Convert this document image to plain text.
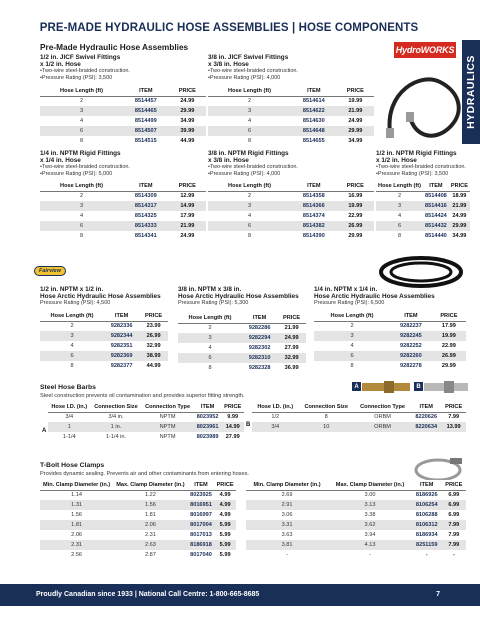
PRE-MADE HYDRAULIC HOSE ASSEMBLIES | HOSE COMPONENTS
HYDRAULICS
Pre-Made Hydraulic Hose Assemblies	HydroWORKS
1/2 in. JICF Swivel Fittings
x 1/2 in. Hose
•Two-wire steel-braided construction.
•Pressure Rating (PSI): 3,500
Hose Length (ft)	ITEM	PRICE
2	8514457	24.99
3	8514465	29.99
4	8514499	34.99
6	8514507	39.99
8	8514515	44.99
3/8 in. JICF Swivel Fittings
x 3/8 in. Hose
•Two-wire steel-braided construction.
•Pressure Rating (PSI): 4,000
Hose Length (ft)	ITEM	PRICE
2	8514614	19.99
3	8514622	21.99
4	8514630	24.99
6	8514648	29.99
8	8514655	34.99
1/4 in. NPTM Rigid Fittings
x 1/4 in. Hose
•Two-wire steel-braided construction.
•Pressure Rating (PSI): 5,000
Hose Length (ft)	ITEM	PRICE
2	8514309	12.99
3	8514317	14.99
4	8514325	17.99
6	8514333	21.99
8	8514341	24.99
3/8 in. NPTM Rigid Fittings
x 3/8 in. Hose
•Two-wire steel-braided construction.
•Pressure Rating (PSI): 4,000
Hose Length (ft)	ITEM	PRICE
2	8514358	16.99
3	8514366	19.99
4	8514374	22.99
6	8514382	26.99
8	8514390	29.99
1/2 in. NPTM Rigid Fittings
x 1/2 in. Hose
•Two-wire steel-braided construction.
•Pressure Rating (PSI): 3,500
Hose Length (ft)	ITEM	PRICE
2	8514408	18.99
3	8514416	21.99
4	8514424	24.99
6	8514432	29.99
8	8514440	34.99
Fairview
1/2 in. NPTM x 1/2 in.
Hose Arctic Hydraulic Hose Assemblies
Pressure Rating (PSI): 4,500
Hose Length (ft)	ITEM	PRICE
2	9282336	23.99
3	9282344	26.99
4	9282351	32.99
6	9282369	38.99
8	9282377	44.99
3/8 in. NPTM x 3/8 in.
Hose Arctic Hydraulic Hose Assemblies
Pressure Rating (PSI): 5,300
Hose Length (ft)	ITEM	PRICE
2	9282286	21.99
3	9282294	24.99
4	9282302	27.99
6	9282310	32.99
8	9282328	36.99
1/4 in. NPTM x 1/4 in.
Hose Arctic Hydraulic Hose Assemblies
Pressure Rating (PSI): 6,500
Hose Length (ft)	ITEM	PRICE
2	9282237	17.99
3	9282245	19.99
4	9282252	22.99
6	9282260	26.99
8	9282278	29.99
Steel Hose Barbs
Steel construction prevents oil contamination and provides superior fitting strength.
A	B
A
Hose I.D. (in.)	Connection Size	Connection Type	ITEM	PRICE
3/4	3/4 in.	NPTM	8023952	9.99
1	1 in.	NPTM	8023961	14.99
1-1/4	1-1/4 in.	NPTM	8023989	27.99
B
Hose I.D. (in.)	Connection Size	Connection Type	ITEM	PRICE
1/2	8	ORBM	8220626	7.99
3/4	10	ORBM	8220634	13.99
T-Bolt Hose Clamps
Provides dynamic sealing. Prevents air and other contaminants from entering hoses.
Min. Clamp Diameter (in.)	Max. Clamp Diameter (in.)	ITEM	PRICE
1.14	1.22	8023925	4.99
1.31	1.56	8016951	4.99
1.56	1.81	8016997	4.99
1.81	2.06	8017004	5.99
2.06	2.31	8017013	5.99
2.31	2.63	8186918	5.99
2.56	2.87	8017040	5.99
Min. Clamp Diameter (in.)	Max. Clamp Diameter (in.)	ITEM	PRICE
2.69	3.00	8186926	6.99
2.91	3.13	8106254	6.99
3.06	3.38	8106288	6.99
3.31	3.62	8106312	7.99
3.63	3.94	8186934	7.99
3.81	4.13	8251159	7.99
-	-	-	-
Proudly Canadian since 1933 | National Call Centre: 1-800-665-8685	7
